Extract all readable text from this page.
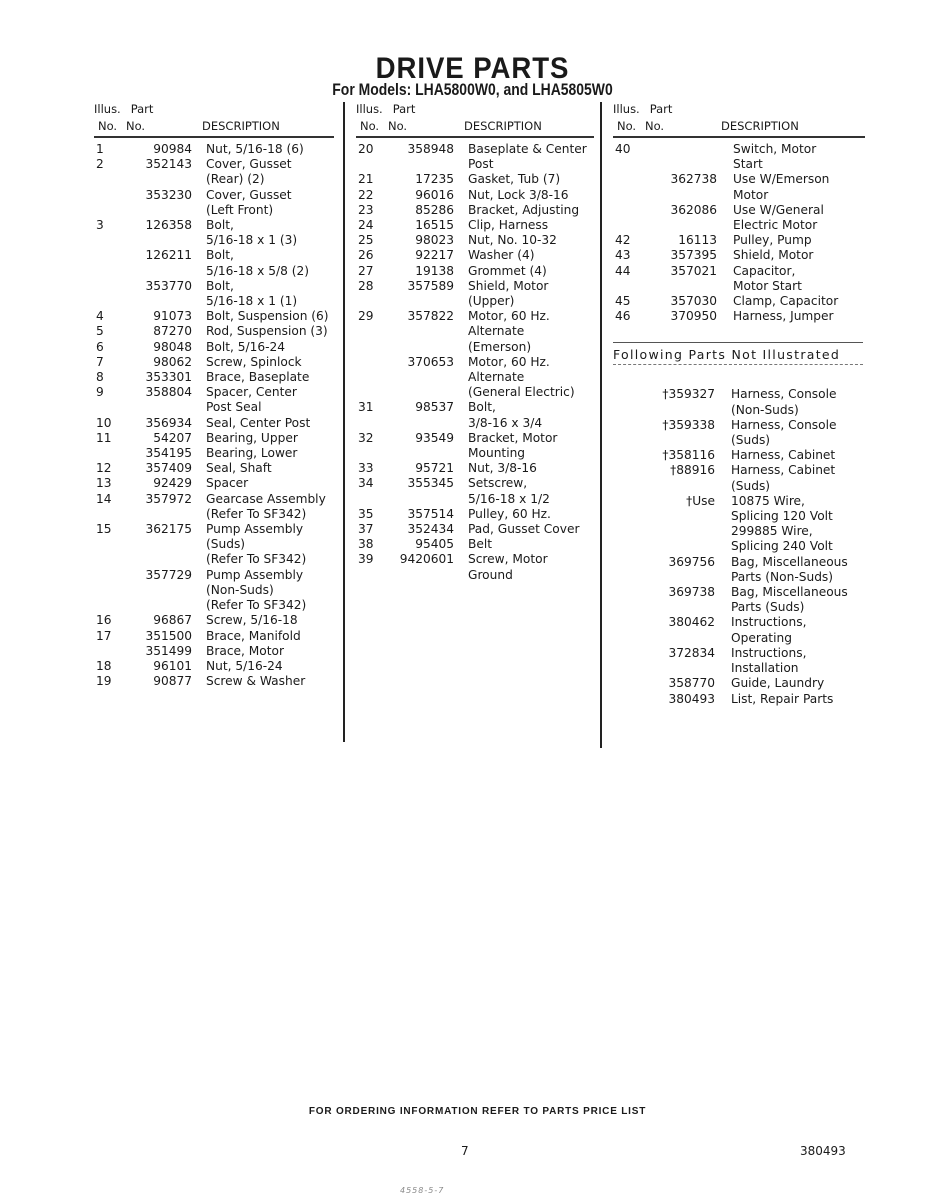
DRIVE PARTS
For Models: LHA5800W0, and LHA5805W0
Illus. Part
No. No.	DESCRIPTION
1	90984 Nut, 5/16-18 (6)
2	352143 Cover, Gusset
(Rear) (2)
353230 Cover, Gusset
(Left Front)
3	126358 Bolt,
5/16-18 x 1 (3)
126211 Bolt,
5/16-18 x 5/8 (2)
353770 Bolt,
5/16-18 x 1 (1)
4	91073 Bolt, Suspension (6)
5	87270 Rod, Suspension (3)
6	98048 Bolt, 5/16-24
7	98062 Screw, Spinlock
8	353301 Brace, Baseplate
9	358804 Spacer, Center
Post Seal
10	356934 Seal, Center Post
11	54207 Bearing, Upper
354195 Bearing, Lower
12	357409 Seal, Shaft
13	92429 Spacer
14	357972 Gearcase Assembly
(Refer To SF342)
15	362175 Pump Assembly
(Suds)
(Refer To SF342)
357729 Pump Assembly
(Non-Suds)
(Refer To SF342)
16	96867 Screw, 5/16-18
17	351500 Brace, Manifold
351499 Brace, Motor
18	96101 Nut, 5/16-24
19	90877 Screw & Washer
Illus. Part
No. No.	DESCRIPTION
20	358948 Baseplate & Center
Post
21	17235 Gasket, Tub (7)
22	96016 Nut, Lock 3/8-16
23	85286 Bracket, Adjusting
24	16515 Clip, Harness
25	98023 Nut, No. 10-32
26	92217 Washer (4)
27	19138 Grommet (4)
28	357589 Shield, Motor
(Upper)
29	357822 Motor, 60 Hz.
Alternate
(Emerson)
370653 Motor, 60 Hz.
Alternate
(General Electric)
31	98537 Bolt,
3/8-16 x 3/4
32	93549 Bracket, Motor
Mounting
33	95721 Nut, 3/8-16
34	355345 Setscrew,
5/16-18 x 1/2
35	357514 Pulley, 60 Hz.
37	352434 Pad, Gusset Cover
38	95405 Belt
39	9420601 Screw, Motor
Ground
Illus. Part
No. No.	DESCRIPTION
40	Switch, Motor
Start
362738 Use W/Emerson
Motor
362086 Use W/General
Electric Motor
42	16113 Pulley, Pump
43	357395 Shield, Motor
44	357021 Capacitor,
Motor Start
45	357030 Clamp, Capacitor
46	370950 Harness, Jumper
Following Parts Not Illustrated
†359327 Harness, Console
(Non-Suds)
†359338 Harness, Console
(Suds)
†358116 Harness, Cabinet
†88916 Harness, Cabinet
(Suds)
†Use 10875 Wire,
Splicing 120 Volt
299885 Wire,
Splicing 240 Volt
369756 Bag, Miscellaneous
Parts (Non-Suds)
369738 Bag, Miscellaneous
Parts (Suds)
380462 Instructions,
Operating
372834 Instructions,
Installation
358770 Guide, Laundry
380493 List, Repair Parts
FOR ORDERING INFORMATION REFER TO PARTS PRICE LIST
7	380493
4558-5-7
